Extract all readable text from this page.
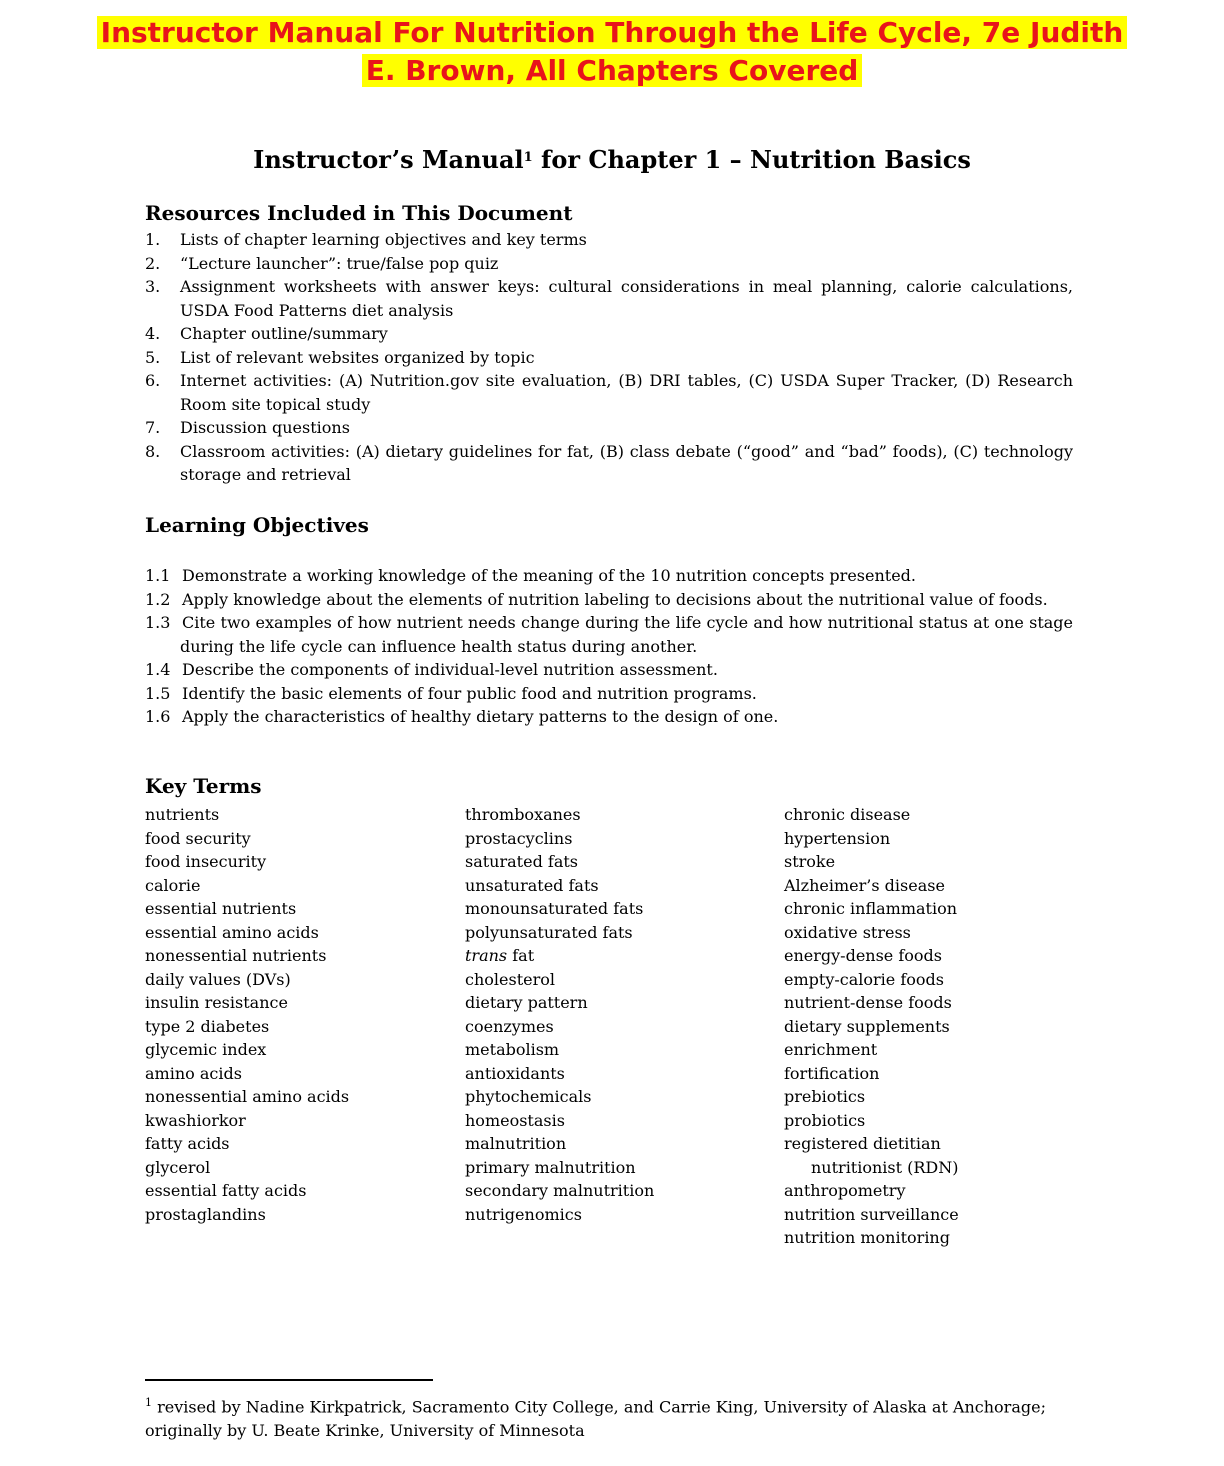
Instructor Manual For Nutrition Through the Life Cycle, 7e Judith
E. Brown, All Chapters Covered
Instructor’s Manual$^1$ for Chapter 1 – Nutrition Basics

Resources Included in This Document

1. Lists of chapter learning objectives and key terms
2. “Lecture launcher”: true/false pop quiz
3. Assignment worksheets with answer keys: cultural considerations in meal planning, calorie calculations, USDA Food Patterns diet analysis
4. Chapter outline/summary
5. List of relevant websites organized by topic
6. Internet activities: (A) Nutrition.gov site evaluation, (B) DRI tables, (C) USDA Super Tracker, (D) Research Room site topical study
7. Discussion questions
8. Classroom activities: (A) dietary guidelines for fat, (B) class debate (“good” and “bad” foods), (C) technology storage and retrieval

Learning Objectives

1.1 Demonstrate a working knowledge of the meaning of the 10 nutrition concepts presented.

1.2 Apply knowledge about the elements of nutrition labeling to decisions about the nutritional value of foods.

1.3 Cite two examples of how nutrient needs change during the life cycle and how nutritional status at one stage during the life cycle can influence health status during another.

1.4 Describe the components of individual-level nutrition assessment.

1.5 Identify the basic elements of four public food and nutrition programs.

1.6 Apply the characteristics of healthy dietary patterns to the design of one.

Key Terms

nutrients
food security
food insecurity
calorie
essential nutrients
essential amino acids
nonessential nutrients
daily values (DVs)
insulin resistance
type 2 diabetes
glycemic index
amino acids
nonessential amino acids
kwashiorkor
fatty acids
glycerol
essential fatty acids
prostaglandins
thromboxanes
prostacyclins
saturated fats
unsaturated fats
monounsaturated fats
polyunsaturated fats
trans fat
cholesterol
dietary pattern
coenzymes
metabolism
antioxidants
phytochemicals
homeostasis
malnutrition
primary malnutrition
secondary malnutrition
nutrigenomics
chronic disease
hypertension
stroke
Alzheimer’s disease
chronic inflammation
oxidative stress
energy-dense foods
empty-calorie foods
nutrient-dense foods
dietary supplements
enrichment
fortification
prebiotics
probiotics
registered dietitian
nutritionist (RDN)
anthropometry
nutrition surveillance
nutrition monitoring
$^1$ revised by Nadine Kirkpatrick, Sacramento City College, and Carrie King, University of Alaska at Anchorage; originally by U. Beate Krinke, University of Minnesota
